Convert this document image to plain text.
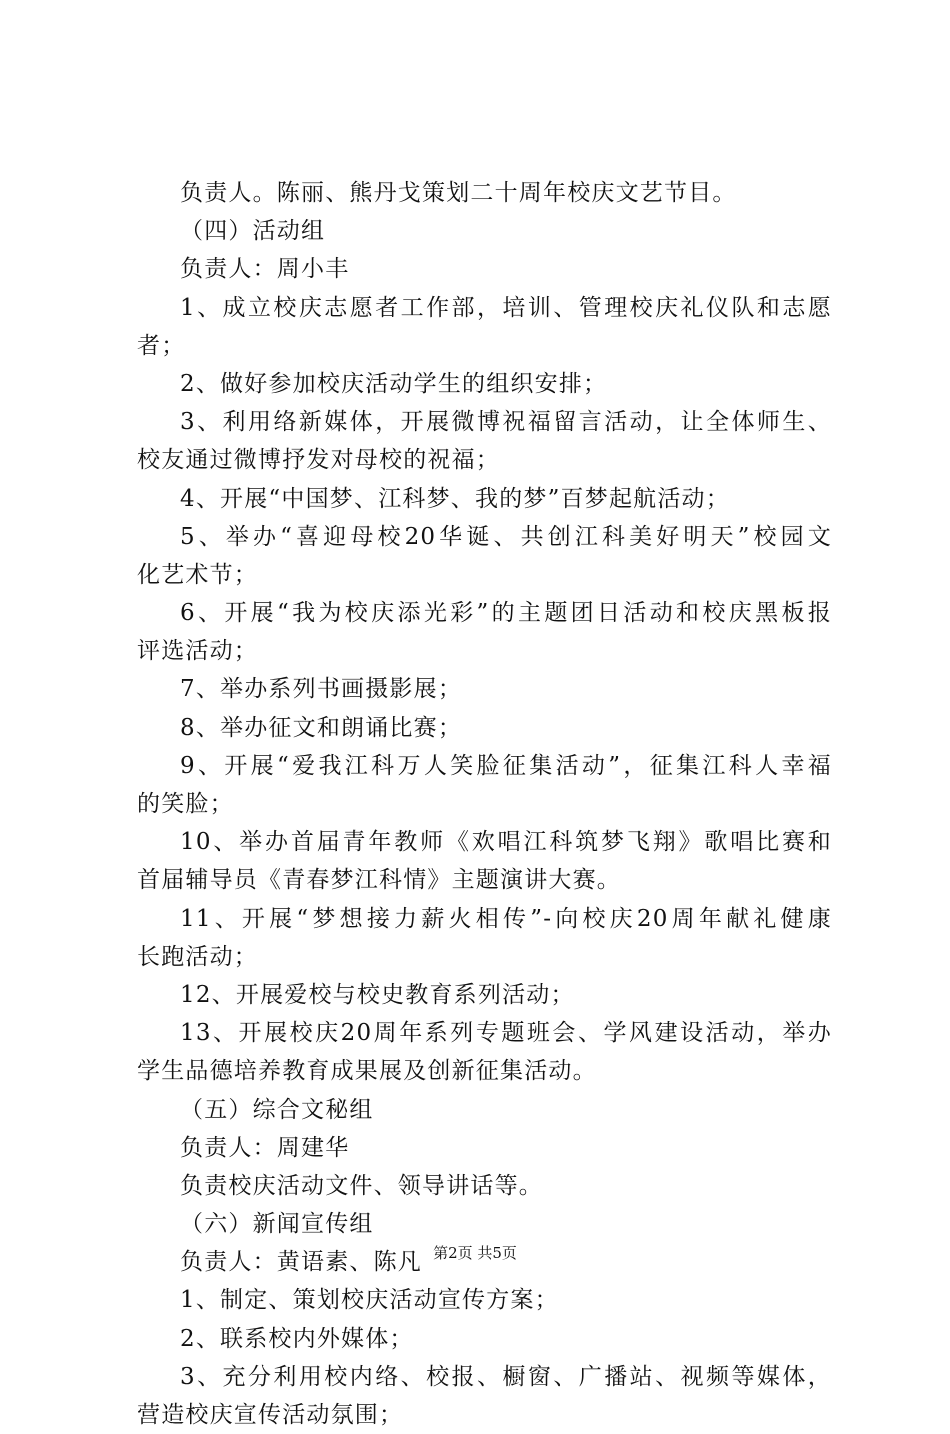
负责人。陈丽、熊丹戈策划二十周年校庆文艺节目。
（四）活动组
负责人：周小丰
1、成立校庆志愿者工作部，培训、管理校庆礼仪队和志愿
者；
2、做好参加校庆活动学生的组织安排；
3、利用络新媒体，开展微博祝福留言活动，让全体师生、
校友通过微博抒发对母校的祝福；
4、开展“中国梦、江科梦、我的梦”百梦起航活动；
5、举办“喜迎母校20华诞、共创江科美好明天”校园文
化艺术节；
6、开展“我为校庆添光彩”的主题团日活动和校庆黑板报
评选活动；
7、举办系列书画摄影展；
8、举办征文和朗诵比赛；
9、开展“爱我江科万人笑脸征集活动”，征集江科人幸福
的笑脸；
10、举办首届青年教师《欢唱江科筑梦飞翔》歌唱比赛和
首届辅导员《青春梦江科情》主题演讲大赛。
11、开展“梦想接力薪火相传”-向校庆20周年献礼健康
长跑活动；
12、开展爱校与校史教育系列活动；
13、开展校庆20周年系列专题班会、学风建设活动，举办
学生品德培养教育成果展及创新征集活动。
（五）综合文秘组
负责人：周建华
负责校庆活动文件、领导讲话等。
（六）新闻宣传组
负责人：黄语素、陈凡
1、制定、策划校庆活动宣传方案；
2、联系校内外媒体；
3、充分利用校内络、校报、橱窗、广播站、视频等媒体，
营造校庆宣传活动氛围；
第2页 共5页
